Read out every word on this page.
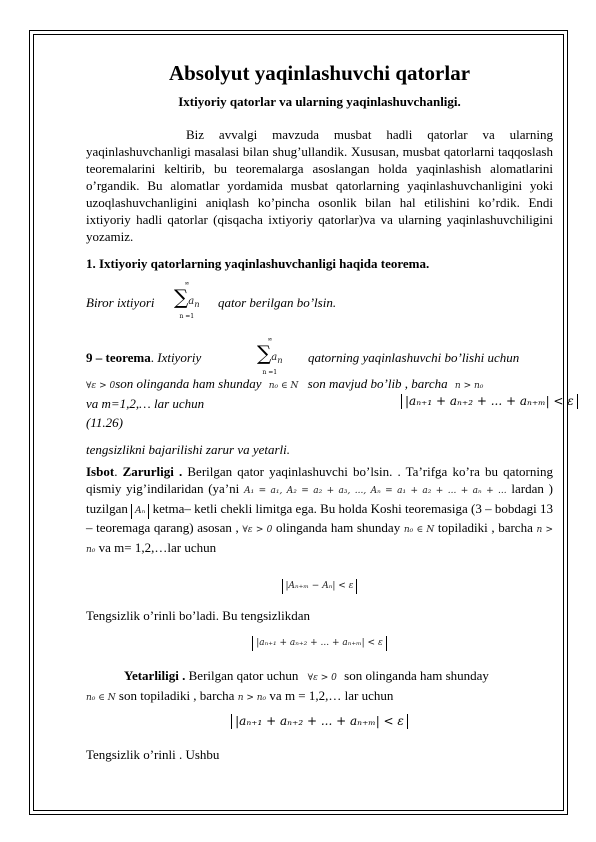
Absolyut yaqinlashuvchi qatorlar
Ixtiyoriy qatorlar va ularning yaqinlashuvchanligi.
Biz avvalgi mavzuda musbat hadli qatorlar va ularning yaqinlashuvchanligi masalasi bilan shug’ullandik. Xususan, musbat qatorlarni taqqoslash teoremalarini keltirib, bu teoremalarga asoslangan holda yaqinlashish alomatlarini o’rgandik. Bu alomatlar yordamida musbat qatorlarning yaqinlashuvchanligini yoki uzoqlashuvchanligini aniqlash ko’pincha osonlik bilan hal etilishini ko’rdik. Endi ixtiyoriy hadli qatorlar (qisqacha ixtiyoriy qatorlar)va va ularning yaqinlashuvchiligini yozamiz.
1. Ixtiyoriy qatorlarning yaqinlashuvchanligi haqida teorema.
Biror ixtiyori
∞
$\sum a_n$
n =1
qator berilgan bo’lsin.
9 – teorema. Ixtiyoriy
∞
$\sum a_n$
n =1
qatorning yaqinlashuvchi bo’lishi uchun
∀ε > 0son olinganda ham shunday n₀ ∈ N son mavjud bo’lib , barcha n > n₀
va m=1,2,… lar uchun	|aₙ₊₁ + aₙ₊₂ + ... + aₙ₊ₘ| < ε
(11.26)
tengsizlikni bajarilishi zarur va yetarli.
Isbot. Zarurligi . Berilgan qator yaqinlashuvchi bo’lsin. . Ta’rifga ko’ra bu qatorning qismiy yig’indilaridan (ya’ni A₁ = a₁, A₂ = a₂ + a₃, ..., Aₙ = a₁ + a₂ + ... + aₙ + ... lardan ) tuzilgan Aₙ ketma– ketli chekli limitga ega. Bu holda Koshi teoremasiga (3 – bobdagi 13 – teoremaga qarang) asosan , ∀ε > 0 olinganda ham shunday n₀ ∈ N topiladiki , barcha n > n₀ va m= 1,2,…lar uchun
|Aₙ₊ₘ − Aₙ| < ε
Tengsizlik o’rinli bo’ladi. Bu tengsizlikdan
|aₙ₊₁ + aₙ₊₂ + ... + aₙ₊ₘ| < ε
Yetarliligi . Berilgan qator uchun ∀ε > 0 son olinganda ham shunday
n₀ ∈ N son topiladiki , barcha n > n₀ va m = 1,2,… lar uchun
|aₙ₊₁ + aₙ₊₂ + ... + aₙ₊ₘ| < ε
Tengsizlik o’rinli . Ushbu
